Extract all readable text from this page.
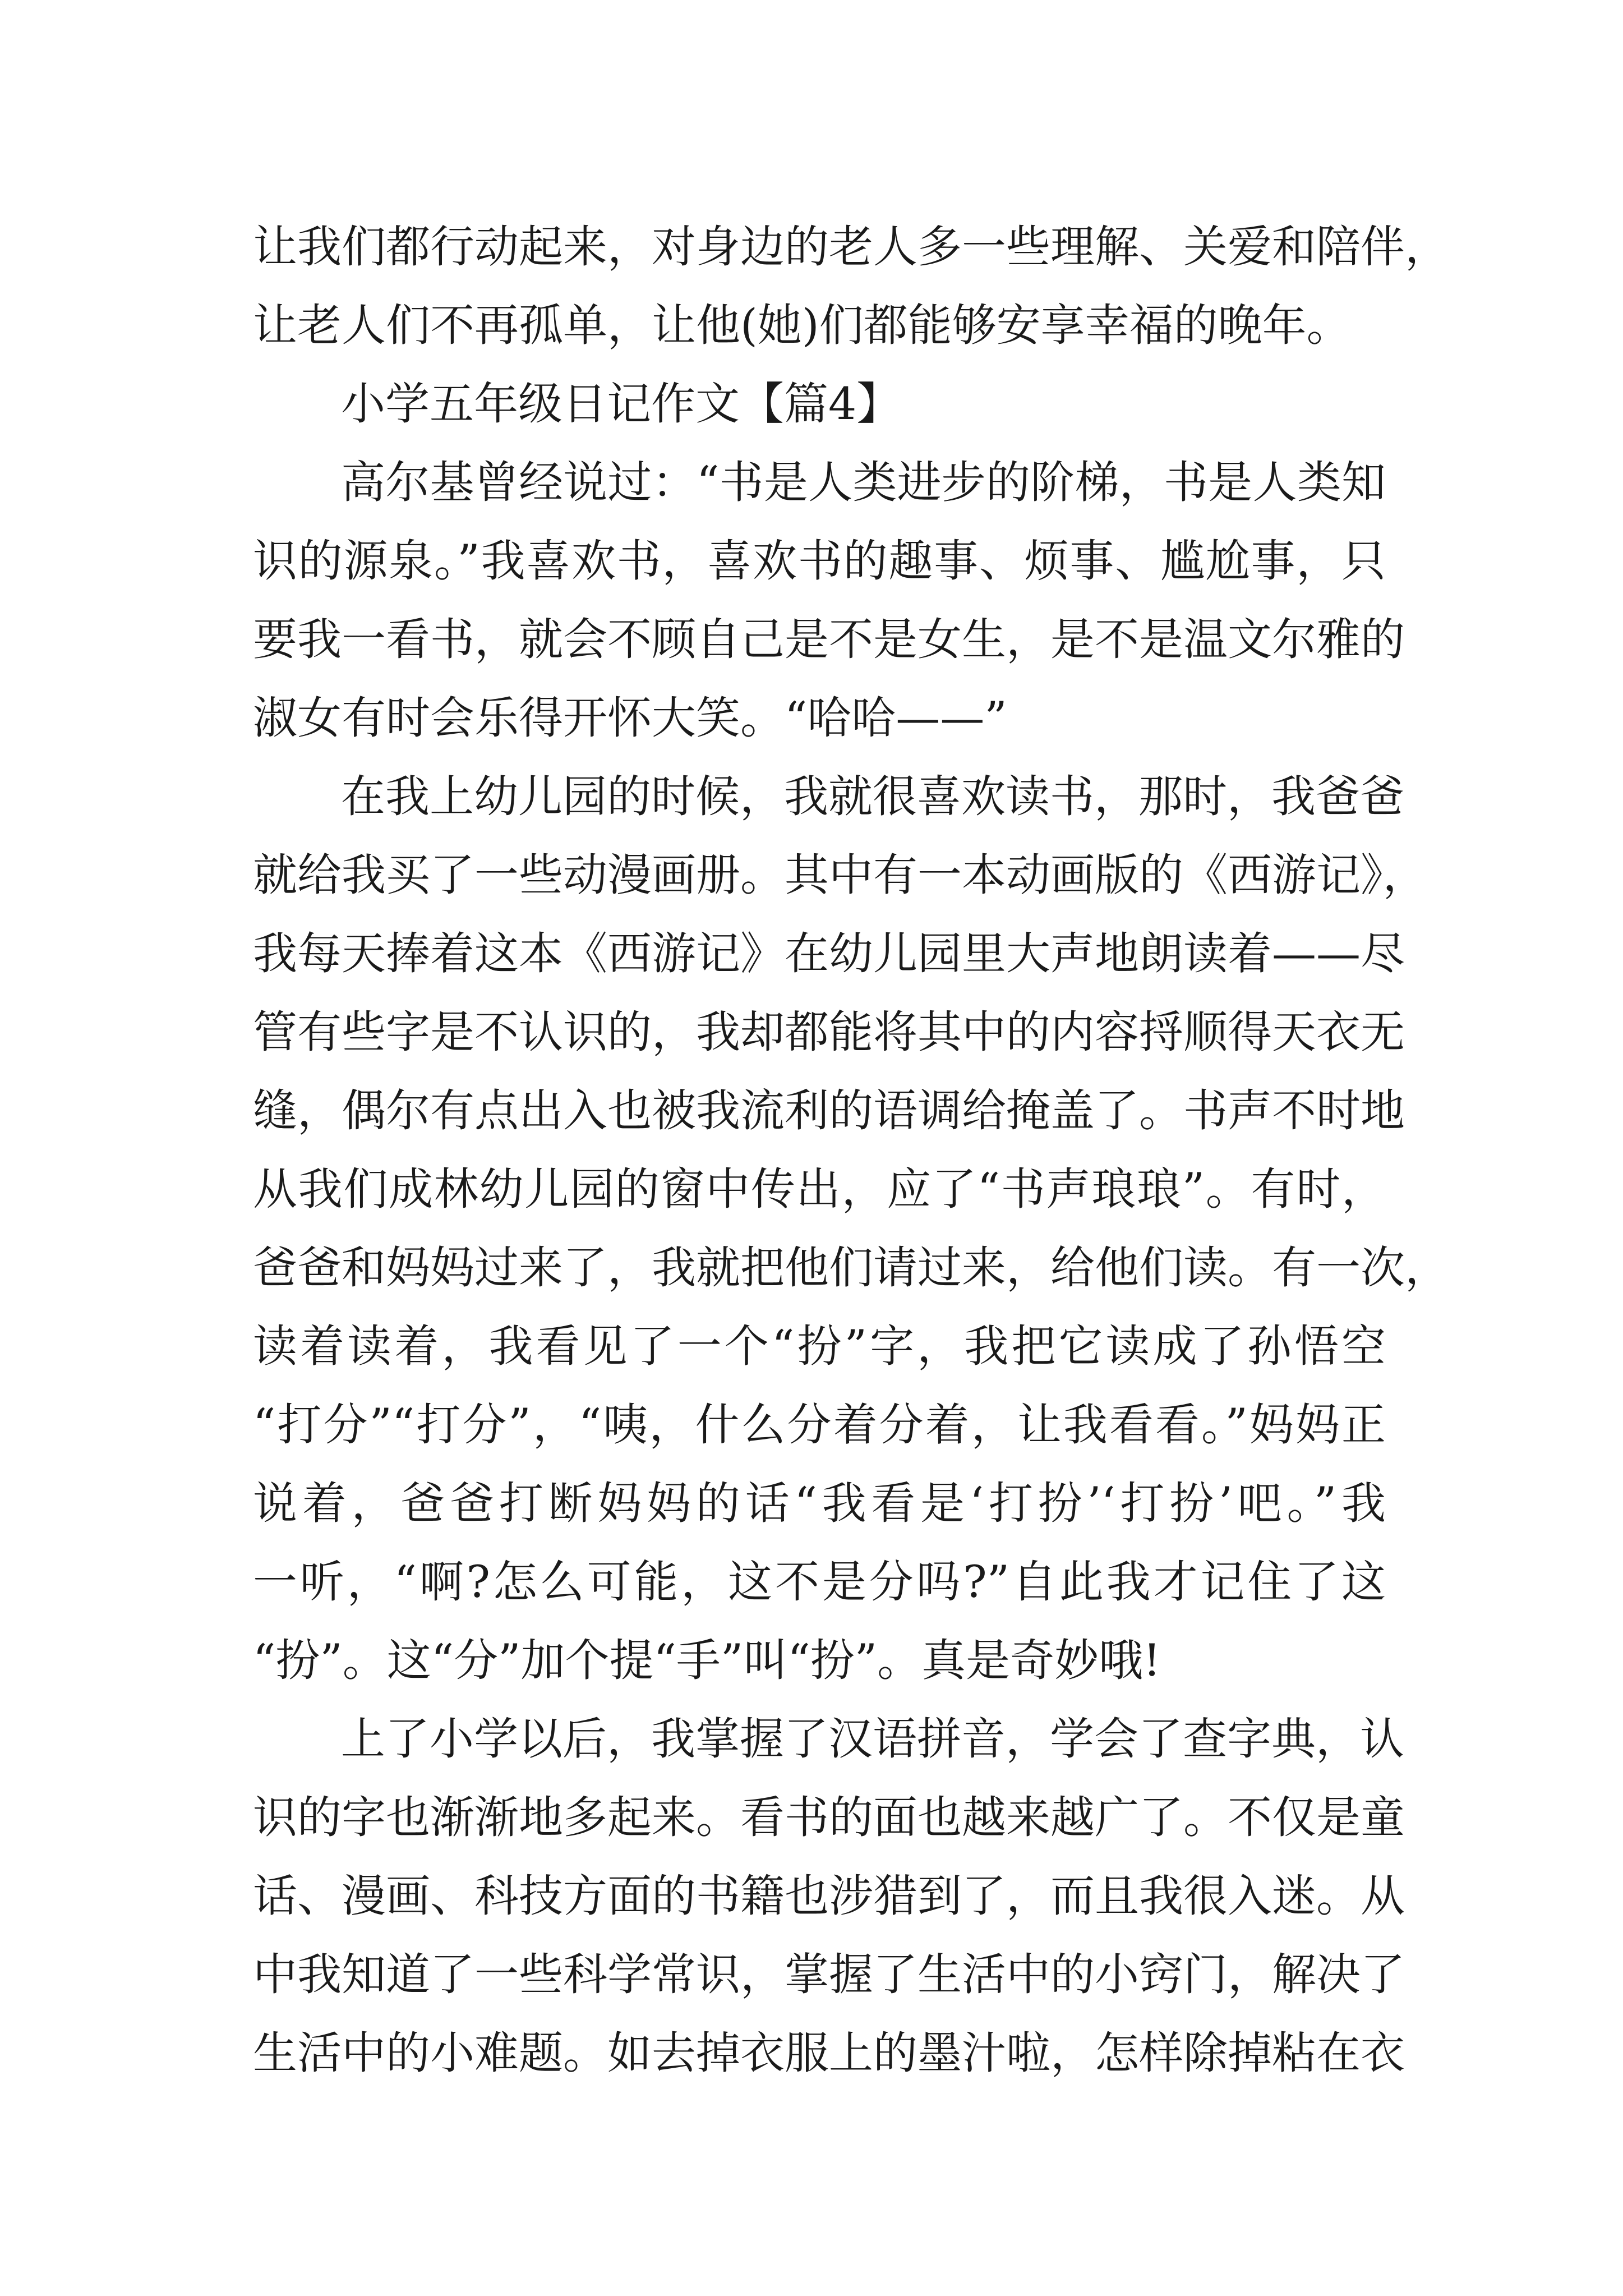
让我们都行动起来，对身边的老人多一些理解、关爱和陪伴，
让老人们不再孤单，让他(她)们都能够安享幸福的晚年。
小学五年级日记作文【篇4】
高尔基曾经说过：“书是人类进步的阶梯，书是人类知
识的源泉。”我喜欢书，喜欢书的趣事、烦事、尴尬事，只
要我一看书，就会不顾自己是不是女生，是不是温文尔雅的
淑女有时会乐得开怀大笑。“哈哈——”
在我上幼儿园的时候，我就很喜欢读书，那时，我爸爸
就给我买了一些动漫画册。其中有一本动画版的《西游记》，
我每天捧着这本《西游记》在幼儿园里大声地朗读着——尽
管有些字是不认识的，我却都能将其中的内容捋顺得天衣无
缝，偶尔有点出入也被我流利的语调给掩盖了。书声不时地
从我们成林幼儿园的窗中传出，应了“书声琅琅”。有时，
爸爸和妈妈过来了，我就把他们请过来，给他们读。有一次，
读着读着，我看见了一个“扮”字，我把它读成了孙悟空
“打分”“打分”，“咦，什么分着分着，让我看看。”妈妈正
说着，爸爸打断妈妈的话“我看是‘打扮’‘打扮’吧。”我
一听，“啊?怎么可能，这不是分吗?”自此我才记住了这
“扮”。这“分”加个提“手”叫“扮”。真是奇妙哦!
上了小学以后，我掌握了汉语拼音，学会了查字典，认
识的字也渐渐地多起来。看书的面也越来越广了。不仅是童
话、漫画、科技方面的书籍也涉猎到了，而且我很入迷。从
中我知道了一些科学常识，掌握了生活中的小窍门，解决了
生活中的小难题。如去掉衣服上的墨汁啦，怎样除掉粘在衣
